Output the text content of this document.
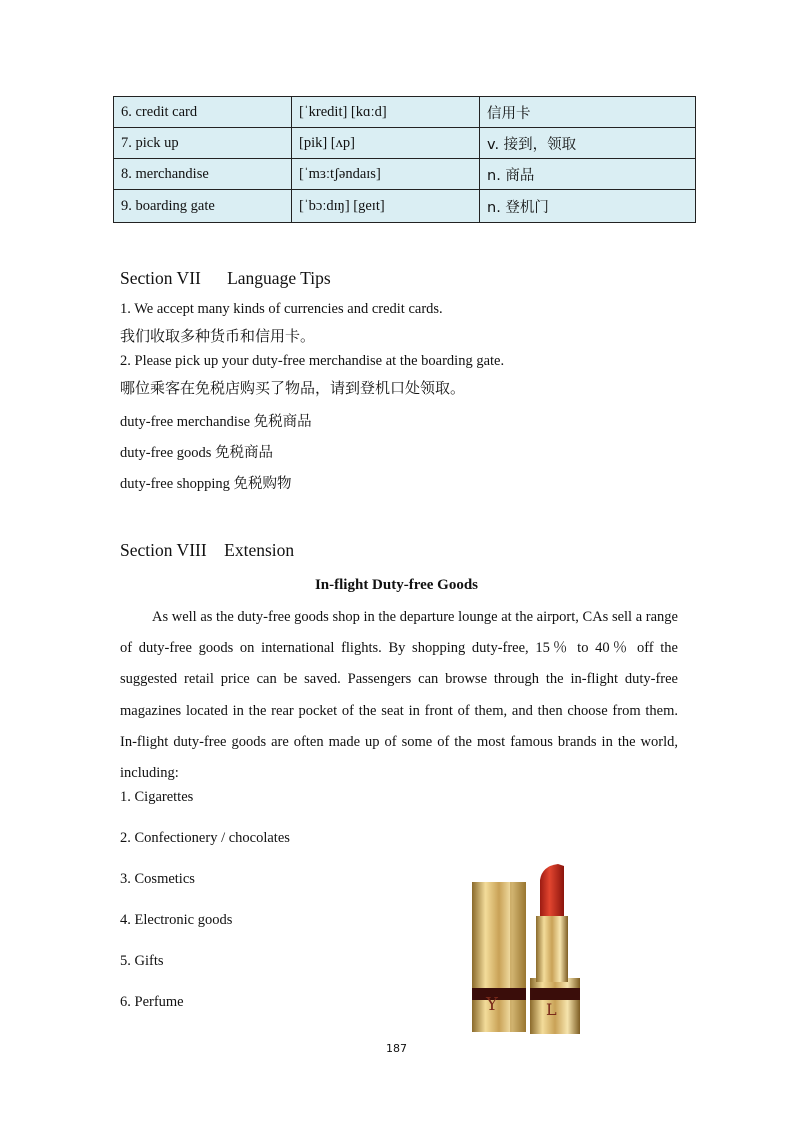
6. credit card	[ˈkredit] [kɑːd]	信用卡
7. pick up	[pik] [ʌp]	v. 接到，领取
8. merchandise	[ˈmɜːtʃəndaɪs]	n. 商品
9. boarding gate	[ˈbɔːdɪŋ] [geɪt]	n. 登机门
Section VII      Language Tips
1. We accept many kinds of currencies and credit cards.
我们收取多种货币和信用卡。
2. Please pick up your duty-free merchandise at the boarding gate.
哪位乘客在免税店购买了物品，请到登机口处领取。
duty-free merchandise 免税商品
duty-free goods 免税商品
duty-free shopping 免税购物
Section VIII    Extension
In-flight Duty-free Goods

As well as the duty-free goods shop in the departure lounge at the airport, CAs sell a range of duty-free goods on international flights. By shopping duty-free, 15％ to 40％ off the suggested retail price can be saved. Passengers can browse through the in-flight duty-free magazines located in the rear pocket of the seat in front of them, and then choose from them. In-flight duty-free goods are often made up of some of the most famous brands in the world, including:

1. Cigarettes
2. Confectionery / chocolates
3. Cosmetics
4. Electronic goods
5. Gifts
6. Perfume	Y	L
187
